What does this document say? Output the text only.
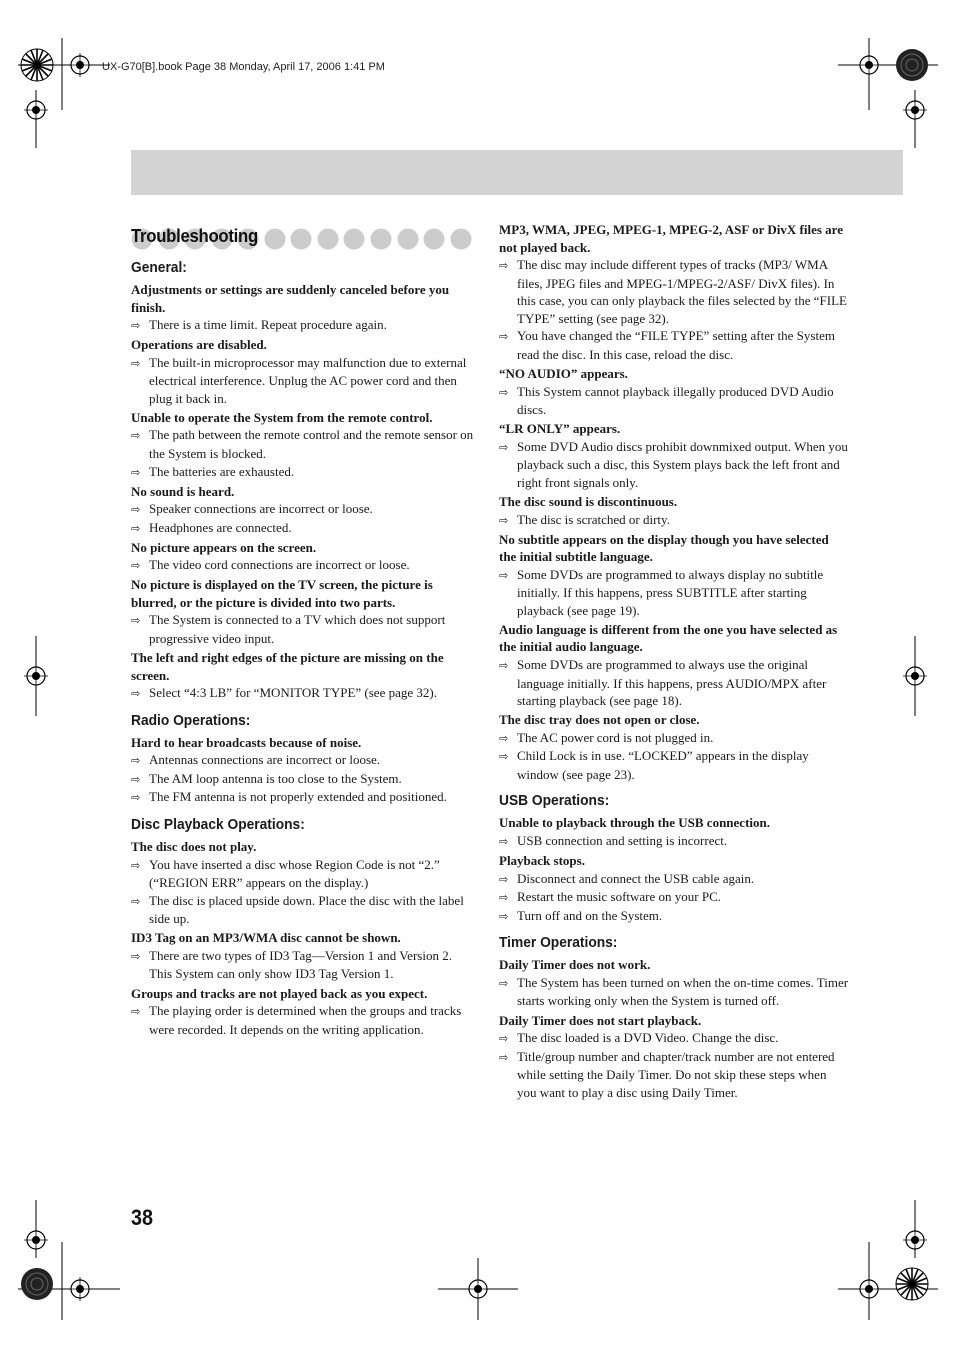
UX-G70[B].book Page 38 Monday, April 17, 2006 1:41 PM
Troubleshooting
General:

Adjustments or settings are suddenly canceled before you finish.

⇨ There is a time limit. Repeat procedure again.

Operations are disabled.

⇨ The built-in microprocessor may malfunction due to external electrical interference. Unplug the AC power cord and then plug it back in.

Unable to operate the System from the remote control.

⇨ The path between the remote control and the remote sensor on the System is blocked.

⇨ The batteries are exhausted.

No sound is heard.

⇨ Speaker connections are incorrect or loose.

⇨ Headphones are connected.

No picture appears on the screen.

⇨ The video cord connections are incorrect or loose.

No picture is displayed on the TV screen, the picture is blurred, or the picture is divided into two parts.

⇨ The System is connected to a TV which does not support progressive video input.

The left and right edges of the picture are missing on the screen.

⇨ Select “4:3 LB” for “MONITOR TYPE” (see page 32).

Radio Operations:

Hard to hear broadcasts because of noise.

⇨ Antennas connections are incorrect or loose.

⇨ The AM loop antenna is too close to the System.

⇨ The FM antenna is not properly extended and positioned.

Disc Playback Operations:

The disc does not play.

⇨ You have inserted a disc whose Region Code is not “2.” (“REGION ERR” appears on the display.)

⇨ The disc is placed upside down. Place the disc with the label side up.

ID3 Tag on an MP3/WMA disc cannot be shown.

⇨ There are two types of ID3 Tag—Version 1 and Version 2. This System can only show ID3 Tag Version 1.

Groups and tracks are not played back as you expect.

⇨ The playing order is determined when the groups and tracks were recorded. It depends on the writing application.

MP3, WMA, JPEG, MPEG-1, MPEG-2, ASF or DivX files are not played back.

⇨ The disc may include different types of tracks (MP3/ WMA files, JPEG files and MPEG-1/MPEG-2/ASF/ DivX files). In this case, you can only playback the files selected by the “FILE TYPE” setting (see page 32).

⇨ You have changed the “FILE TYPE” setting after the System read the disc. In this case, reload the disc.

“NO AUDIO” appears.

⇨ This System cannot playback illegally produced DVD Audio discs.

“LR ONLY” appears.

⇨ Some DVD Audio discs prohibit downmixed output. When you playback such a disc, this System plays back the left front and right front signals only.

The disc sound is discontinuous.

⇨ The disc is scratched or dirty.

No subtitle appears on the display though you have selected the initial subtitle language.

⇨ Some DVDs are programmed to always display no subtitle initially. If this happens, press SUBTITLE after starting playback (see page 19).

Audio language is different from the one you have selected as the initial audio language.

⇨ Some DVDs are programmed to always use the original language initially. If this happens, press AUDIO/MPX after starting playback (see page 18).

The disc tray does not open or close.

⇨ The AC power cord is not plugged in.

⇨ Child Lock is in use. “LOCKED” appears in the display window (see page 23).

USB Operations:

Unable to playback through the USB connection.

⇨ USB connection and setting is incorrect.

Playback stops.

⇨ Disconnect and connect the USB cable again.

⇨ Restart the music software on your PC.

⇨ Turn off and on the System.

Timer Operations:

Daily Timer does not work.

⇨ The System has been turned on when the on-time comes. Timer starts working only when the System is turned off.

Daily Timer does not start playback.

⇨ The disc loaded is a DVD Video. Change the disc.

⇨ Title/group number and chapter/track number are not entered while setting the Daily Timer. Do not skip these steps when you want to play a disc using Daily Timer.

38
